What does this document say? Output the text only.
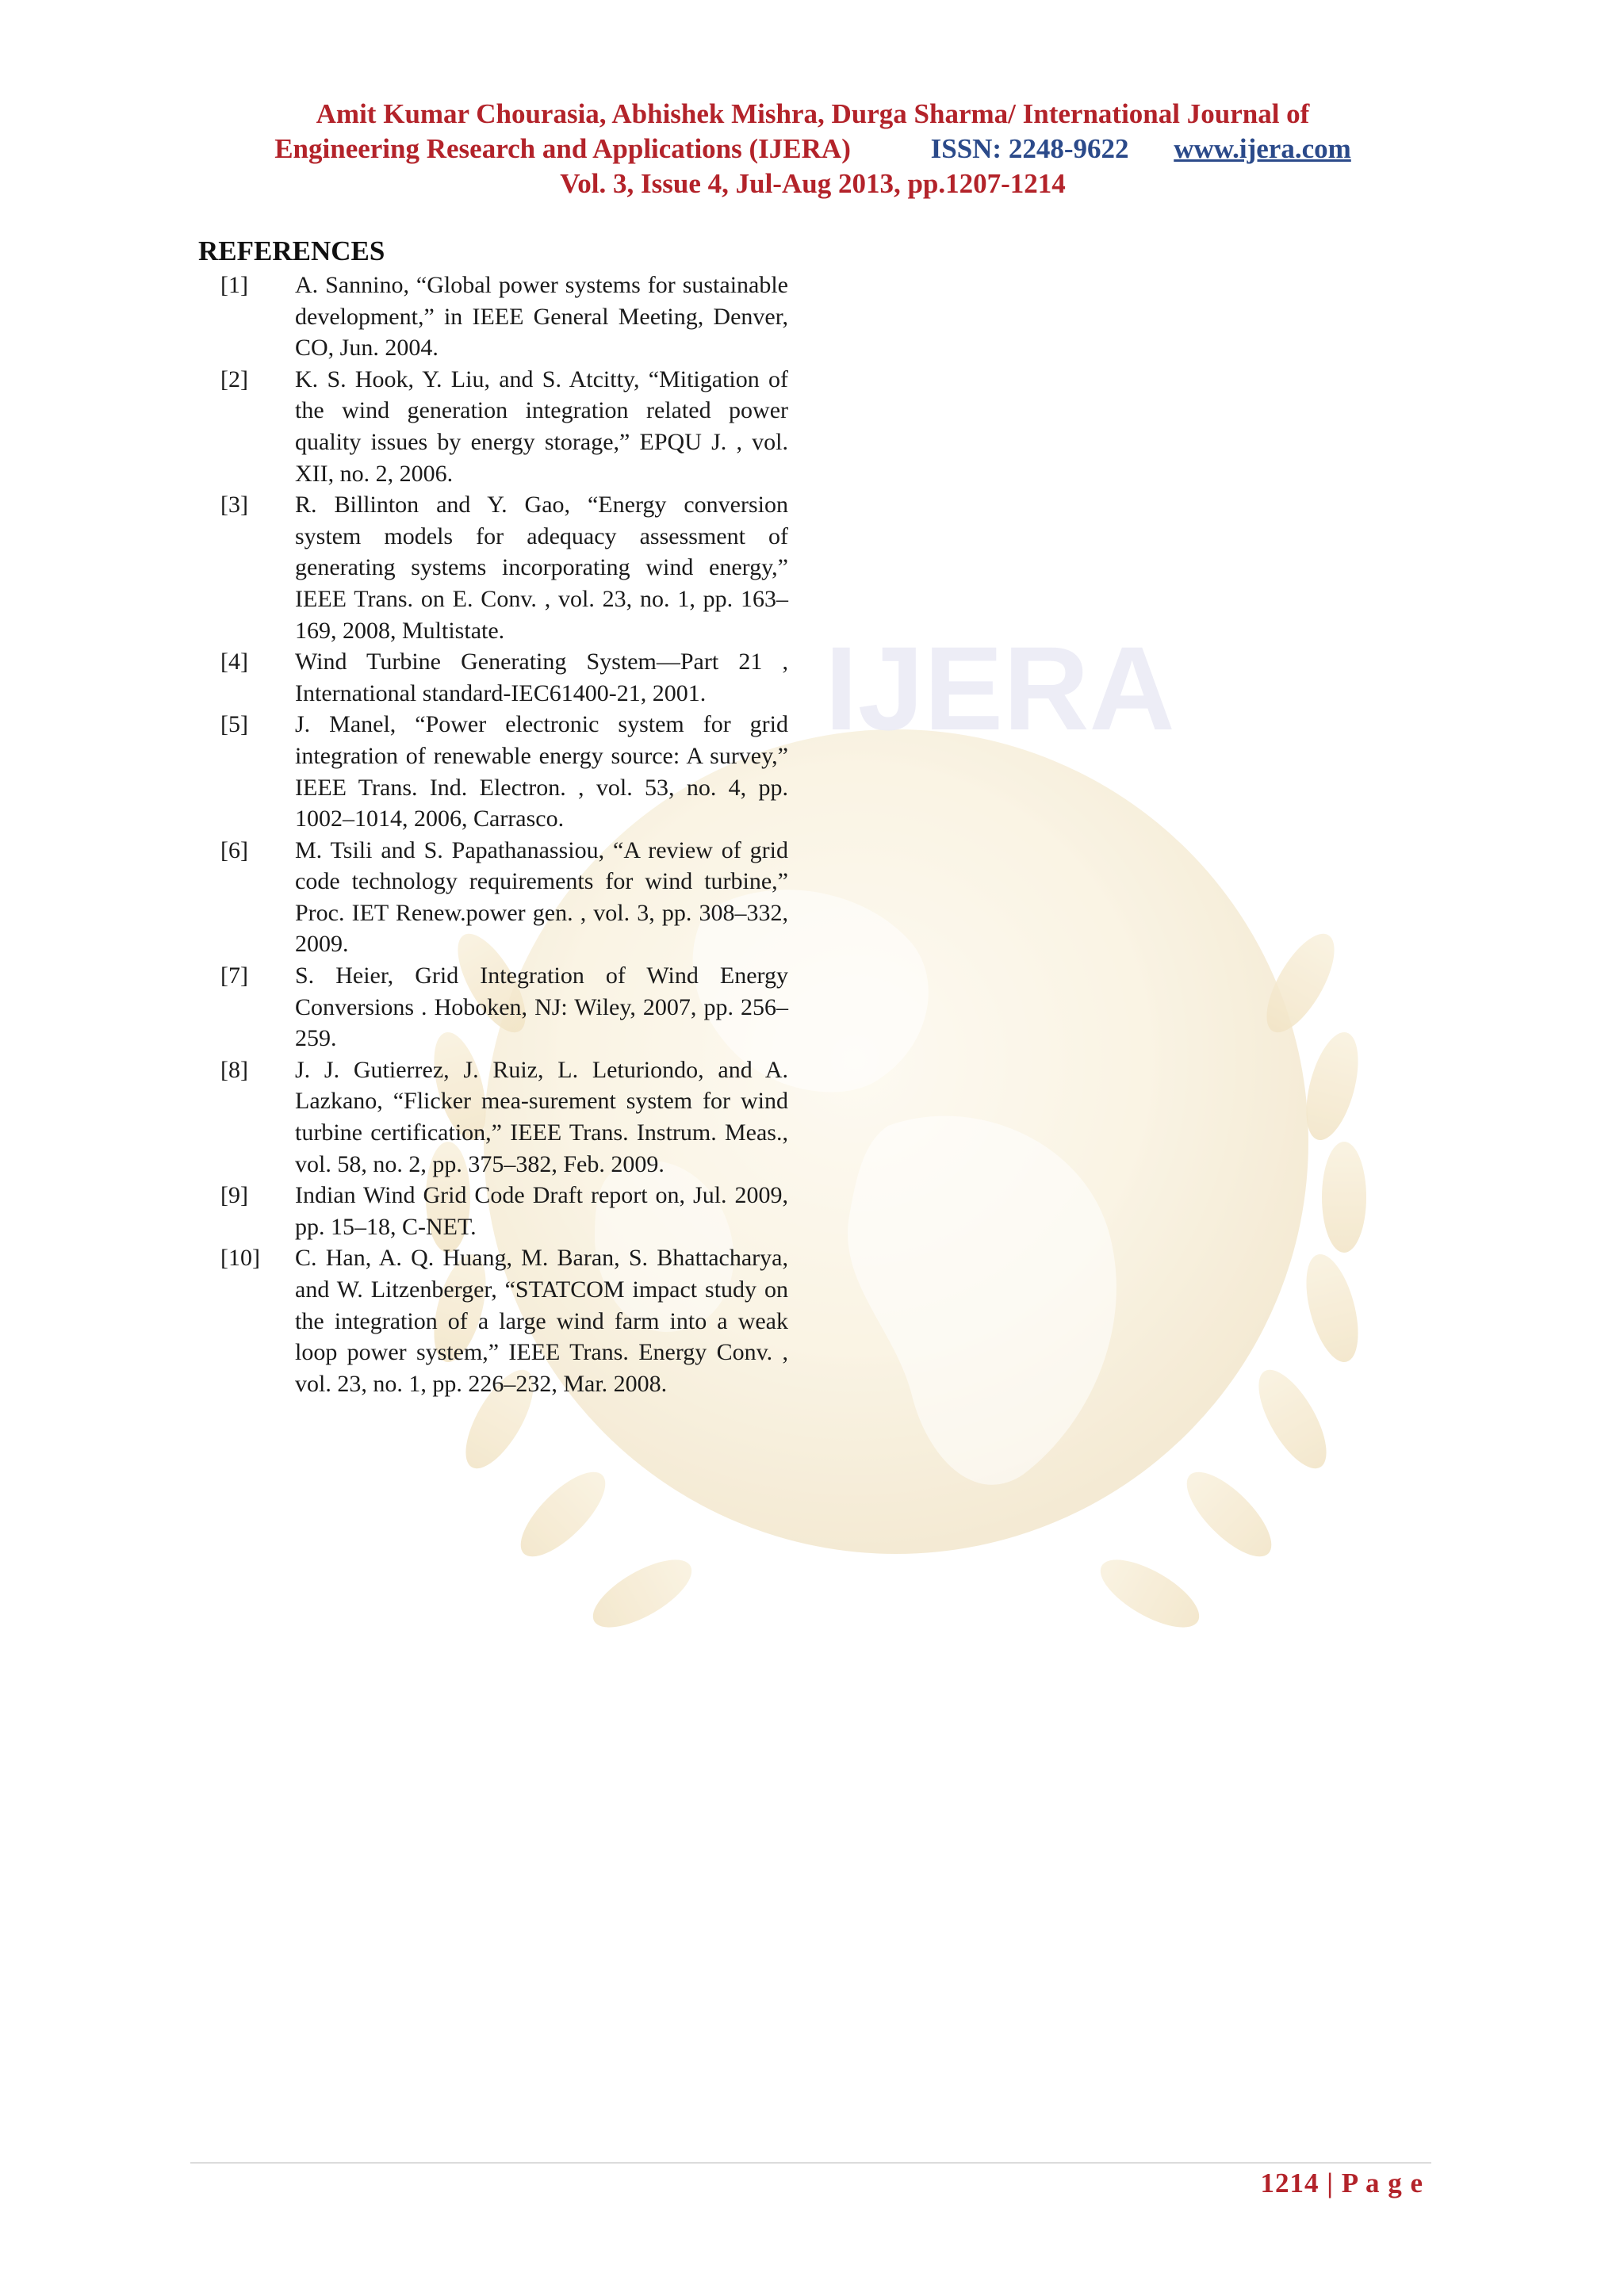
IJERA
Amit Kumar Chourasia, Abhishek Mishra, Durga Sharma/ International Journal of
Engineering Research and Applications (IJERA)	ISSN: 2248-9622 www.ijera.com
Vol. 3, Issue 4, Jul-Aug 2013, pp.1207-1214
REFERENCES
[1] A. Sannino, “Global power systems for sustainable development,” in IEEE General Meeting, Denver, CO, Jun. 2004.
[2] K. S. Hook, Y. Liu, and S. Atcitty, “Mitigation of the wind generation integration related power quality issues by energy storage,” EPQU J. , vol. XII, no. 2, 2006.
[3] R. Billinton and Y. Gao, “Energy conversion system models for adequacy assessment of generating systems incorporating wind energy,” IEEE Trans. on E. Conv. , vol. 23, no. 1, pp. 163–169, 2008, Multistate.
[4] Wind Turbine Generating System—Part 21 , International standard-IEC61400-21, 2001.
[5] J. Manel, “Power electronic system for grid integration of renewable energy source: A survey,” IEEE Trans. Ind. Electron. , vol. 53, no. 4, pp. 1002–1014, 2006, Carrasco.
[6] M. Tsili and S. Papathanassiou, “A review of grid code technology requirements for wind turbine,” Proc. IET Renew.power gen. , vol. 3, pp. 308–332, 2009.
[7] S. Heier, Grid Integration of Wind Energy Conversions . Hoboken, NJ: Wiley, 2007, pp. 256–259.
[8] J. J. Gutierrez, J. Ruiz, L. Leturiondo, and A. Lazkano, “Flicker mea-surement system for wind turbine certification,” IEEE Trans. Instrum. Meas., vol. 58, no. 2, pp. 375–382, Feb. 2009.
[9] Indian Wind Grid Code Draft report on, Jul. 2009, pp. 15–18, C-NET.
[10] C. Han, A. Q. Huang, M. Baran, S. Bhattacharya, and W. Litzenberger, “STATCOM impact study on the integration of a large wind farm into a weak loop power system,” IEEE Trans. Energy Conv. , vol. 23, no. 1, pp. 226–232, Mar. 2008.
1214 | P a g e
